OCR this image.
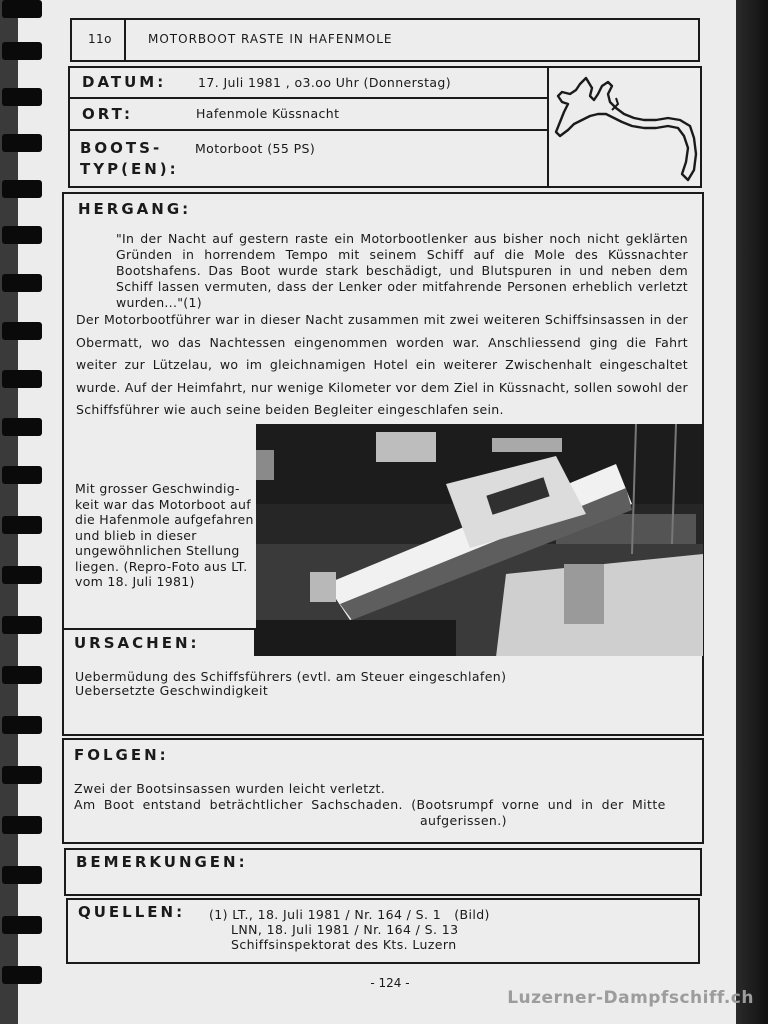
11o	MOTORBOOT RASTE IN HAFENMOLE
DATUM:	17. Juli 1981 , o3.oo Uhr (Donnerstag)
ORT:	Hafenmole Küssnacht
BOOTS-
TYP(EN):
Motorboot (55 PS)
HERGANG:
"In der Nacht auf gestern raste ein Motorbootlenker aus bisher noch nicht geklärten Gründen in horrendem Tempo mit seinem Schiff auf die Mole des Küssnachter Bootshafens. Das Boot wurde stark beschädigt, und Blutspuren in und neben dem Schiff lassen vermuten, dass der Lenker oder mitfahrende Personen erheblich verletzt wurden..."(1)
Der Motorbootführer war in dieser Nacht zusammen mit zwei weiteren Schiffsinsassen in der Obermatt, wo das Nachtessen eingenommen worden war. Anschliessend ging die Fahrt weiter zur Lützelau, wo im gleichnamigen Hotel ein weiterer Zwischenhalt eingeschaltet wurde. Auf der Heimfahrt, nur wenige Kilometer vor dem Ziel in Küssnacht, sollen sowohl der Schiffsführer wie auch seine beiden Begleiter eingeschlafen sein.
Mit grosser Geschwindigkeit war das Motorboot auf die Hafenmole aufgefahren und blieb in dieser ungewöhnlichen Stellung liegen. (Repro-Foto aus LT. vom 18. Juli 1981)
URSACHEN:
Uebermüdung des Schiffsführers (evtl. am Steuer eingeschlafen)
Uebersetzte Geschwindigkeit
FOLGEN:
Zwei der Bootsinsassen wurden leicht verletzt.
Am Boot entstand beträchtlicher Sachschaden. (Bootsrumpf vorne und in der Mitte
aufgerissen.)
BEMERKUNGEN:
QUELLEN: (1) LT., 18. Juli 1981 / Nr. 164 / S. 1   (Bild)
LNN, 18. Juli 1981 / Nr. 164 / S. 13
Schiffsinspektorat des Kts. Luzern
- 124 -
Luzerner-Dampfschiff.ch
